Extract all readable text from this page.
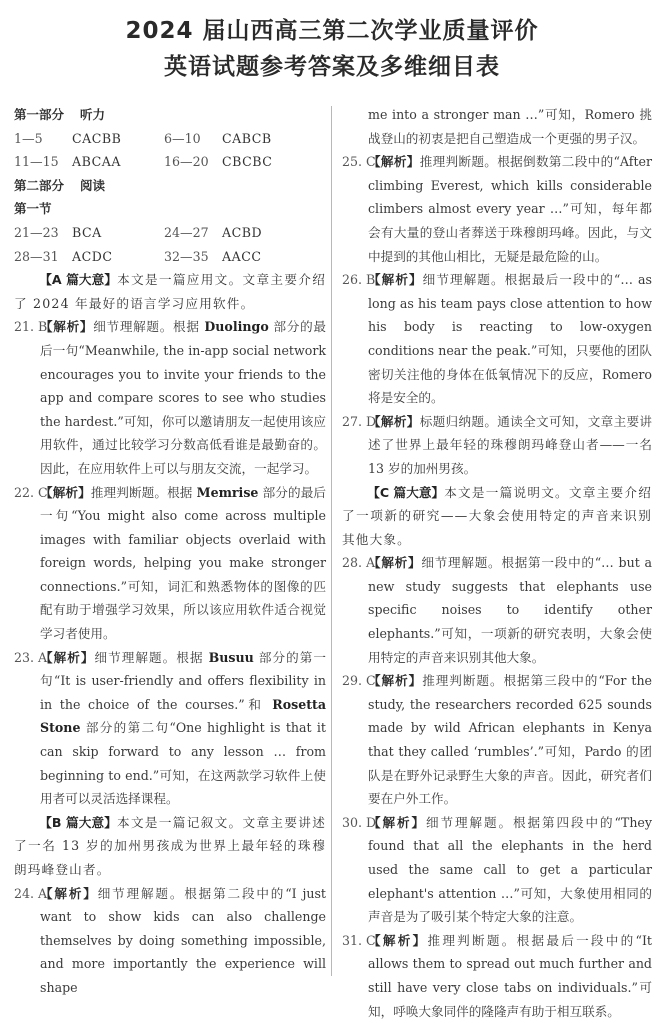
2024 届山西高三第二次学业质量评价
英语试题参考答案及多维细目表
第一部分 听力
1—5	CACBB	6—10	CABCB
11—15	ABCAA	16—20	CBCBC
第二部分 阅读
第一节
21—23	BCA	24—27	ACBD
28—31	ACDC	32—35	AACC

【A 篇大意】本文是一篇应用文。文章主要介绍了 2024 年最好的语言学习应用软件。

21. B
【解析】细节理解题。根据 Duolingo 部分的最后一句“Meanwhile, the in-app social network encourages you to invite your friends to the app and compare scores to see who studies the hardest.”可知，你可以邀请朋友一起使用该应用软件，通过比较学习分数高低看谁是最勤奋的。因此，在应用软件上可以与朋友交流，一起学习。

22. C
【解析】推理判断题。根据 Memrise 部分的最后一句“You might also come across multiple images with familiar objects overlaid with foreign words, helping you make stronger connections.”可知，词汇和熟悉物体的图像的匹配有助于增强学习效果，所以该应用软件适合视觉学习者使用。

23. A
【解析】细节理解题。根据 Busuu 部分的第一句“It is user-friendly and offers flexibility in in the choice of the courses.”和 Rosetta Stone 部分的第二句“One highlight is that it can skip forward to any lesson … from beginning to end.”可知，在这两款学习软件上使用者可以灵活选择课程。

【B 篇大意】本文是一篇记叙文。文章主要讲述了一名 13 岁的加州男孩成为世界上最年轻的珠穆朗玛峰登山者。

24. A
【解析】细节理解题。根据第二段中的“I just want to show kids can also challenge themselves by doing something impossible, and more importantly the experience will shape

me into a stronger man …”可知，Romero 挑战登山的初衷是把自己塑造成一个更强的男子汉。

25. C
【解析】推理判断题。根据倒数第二段中的“After climbing Everest, which kills considerable climbers almost every year …”可知，每年都会有大量的登山者葬送于珠穆朗玛峰。因此，与文中提到的其他山相比，无疑是最危险的山。

26. B
【解析】细节理解题。根据最后一段中的“… as long as his team pays close attention to how his body is reacting to low-oxygen conditions near the peak.”可知，只要他的团队密切关注他的身体在低氧情况下的反应，Romero 将是安全的。

27. D
【解析】标题归纳题。通读全文可知，文章主要讲述了世界上最年轻的珠穆朗玛峰登山者——一名 13 岁的加州男孩。

【C 篇大意】本文是一篇说明文。文章主要介绍了一项新的研究——大象会使用特定的声音来识别其他大象。

28. A
【解析】细节理解题。根据第一段中的“… but a new study suggests that elephants use specific noises to identify other elephants.”可知，一项新的研究表明，大象会使用特定的声音来识别其他大象。

29. C
【解析】推理判断题。根据第三段中的“For the study, the researchers recorded 625 sounds made by wild African elephants in Kenya that they called ‘rumbles’.”可知，Pardo 的团队是在野外记录野生大象的声音。因此，研究者们要在户外工作。

30. D
【解析】细节理解题。根据第四段中的“They found that all the elephants in the herd used the same call to get a particular elephant's attention …”可知，大象使用相同的声音是为了吸引某个特定大象的注意。

31. C
【解析】推理判断题。根据最后一段中的“It allows them to spread out much further and still have very close tabs on individuals.”可知，呼唤大象同伴的隆隆声有助于相互联系。
